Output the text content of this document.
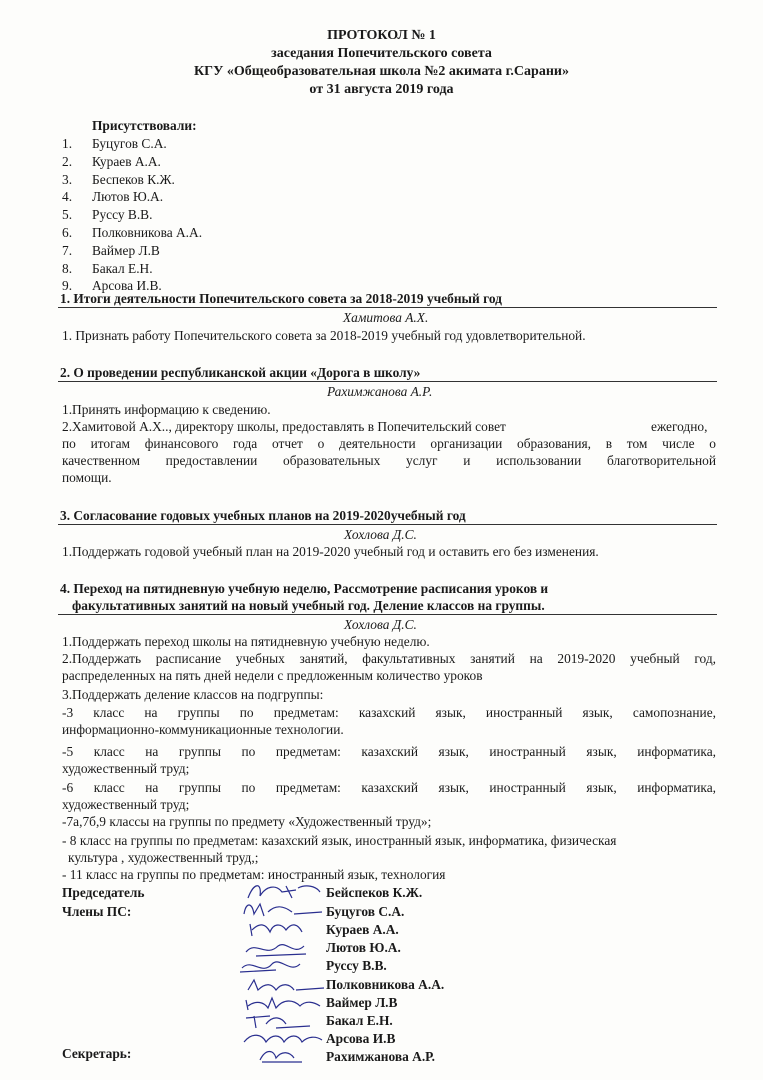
ПРОТОКОЛ № 1
заседания Попечительского совета
КГУ «Общеобразовательная школа №2 акимата г.Сарани»
от 31 августа 2019 года
Присутствовали:
1. Итоги деятельности Попечительского совета за 2018-2019 учебный год
Хамитова А.Х.
1. Признать работу Попечительского совета за 2018-2019 учебный год удовлетворительной.
2. О проведении республиканской акции «Дорога в школу»
Рахимжанова А.Р.
1.Принять информацию к сведению.
2.Хамитовой А.Х.., директору школы, предоставлять в Попечительский совет	ежегодно,
по итогам финансового года отчет о деятельности организации образования, в том числе о
качественном предоставлении образовательных услуг и использовании благотворительной
помощи.
3. Согласование годовых учебных планов на 2019-2020учебный год
Хохлова Д.С.
1.Поддержать годовой учебный план на 2019-2020 учебный год и оставить его без изменения.
4. Переход на пятидневную учебную неделю, Рассмотрение расписания уроков и
факультативных занятий на новый учебный год. Деление классов на группы.
Хохлова Д.С.
1.Поддержать переход школы на пятидневную учебную неделю.
2.Поддержать расписание учебных занятий, факультативных занятий на 2019-2020 учебный год,
распределенных на пять дней недели с предложенным количество уроков
3.Поддержать деление классов на подгруппы:
-3 класс на группы по предметам: казахский язык, иностранный язык, самопознание,
информационно-коммуникационные технологии.
-5 класс на группы по предметам: казахский язык, иностранный язык, информатика,
художественный труд;
-6 класс на группы по предметам: казахский язык, иностранный язык, информатика,
художественный труд;
-7а,7б,9 классы на группы по предмету «Художественный труд»;
- 8 класс на группы по предметам: казахский язык, иностранный язык, информатика, физическая
культура , художественный труд,;
- 11 класс на группы по предметам: иностранный язык, технология
Председатель
Члены ПС:
Секретарь:
1. Буцугов С.А.
2. Кураев А.А.
3. Беспеков К.Ж.
4. Лютов Ю.А.
5. Руссу В.В.
6. Полковникова А.А.
7. Ваймер Л.В
8. Бакал Е.Н.
9. Арсова И.В.
Бейспеков К.Ж.
Буцугов С.А.
Кураев А.А.
Лютов Ю.А.
Руссу В.В.
Полковникова А.А.
Ваймер Л.В
Бакал Е.Н.
Арсова И.В
Рахимжанова А.Р.
